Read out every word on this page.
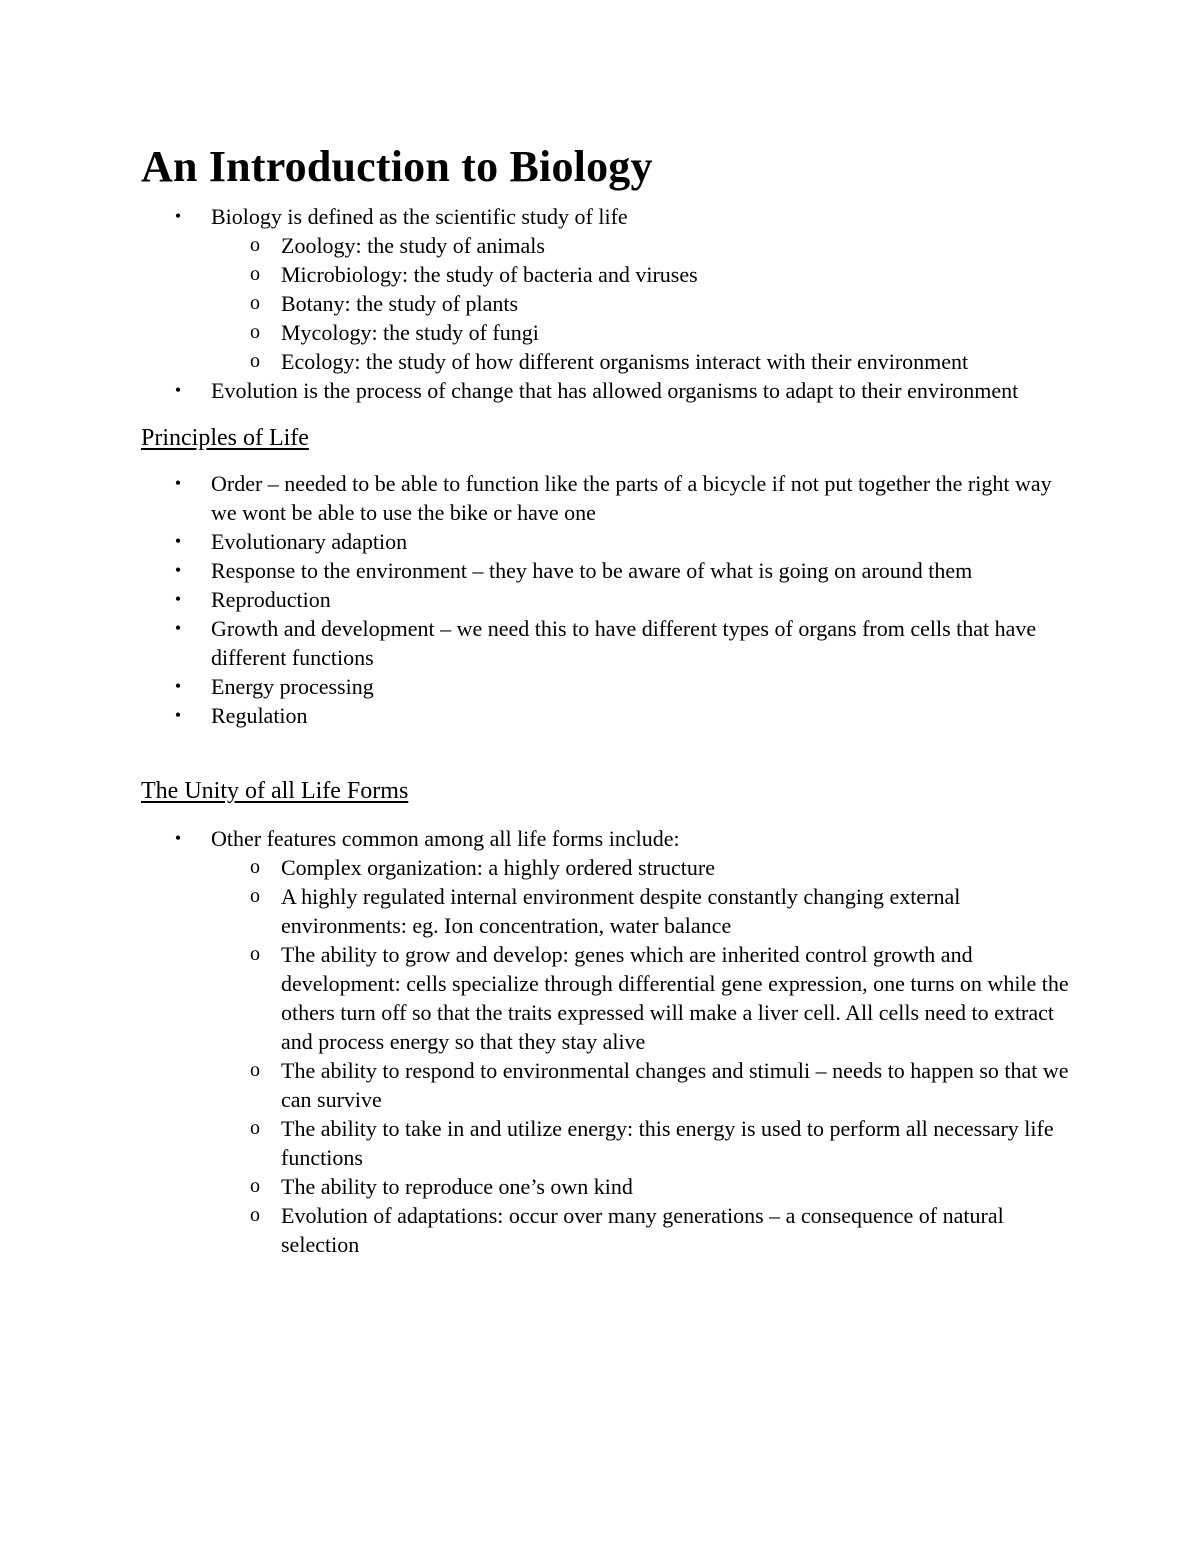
An Introduction to Biology
• Biology is defined as the scientific study of life
o Zoology: the study of animals
o Microbiology: the study of bacteria and viruses
o Botany: the study of plants
o Mycology: the study of fungi
o Ecology: the study of how different organisms interact with their environment
• Evolution is the process of change that has allowed organisms to adapt to their environment
Principles of Life
• Order – needed to be able to function like the parts of a bicycle if not put together the right way we wont be able to use the bike or have one
• Evolutionary adaption
• Response to the environment – they have to be aware of what is going on around them
• Reproduction
• Growth and development – we need this to have different types of organs from cells that have different functions
• Energy processing
• Regulation
The Unity of all Life Forms
• Other features common among all life forms include:
o Complex organization: a highly ordered structure
o A highly regulated internal environment despite constantly changing external environments: eg. Ion concentration, water balance
o The ability to grow and develop: genes which are inherited control growth and development: cells specialize through differential gene expression, one turns on while the others turn off so that the traits expressed will make a liver cell. All cells need to extract and process energy so that they stay alive
o The ability to respond to environmental changes and stimuli – needs to happen so that we can survive
o The ability to take in and utilize energy: this energy is used to perform all necessary life functions
o The ability to reproduce one’s own kind
o Evolution of adaptations: occur over many generations – a consequence of natural selection
